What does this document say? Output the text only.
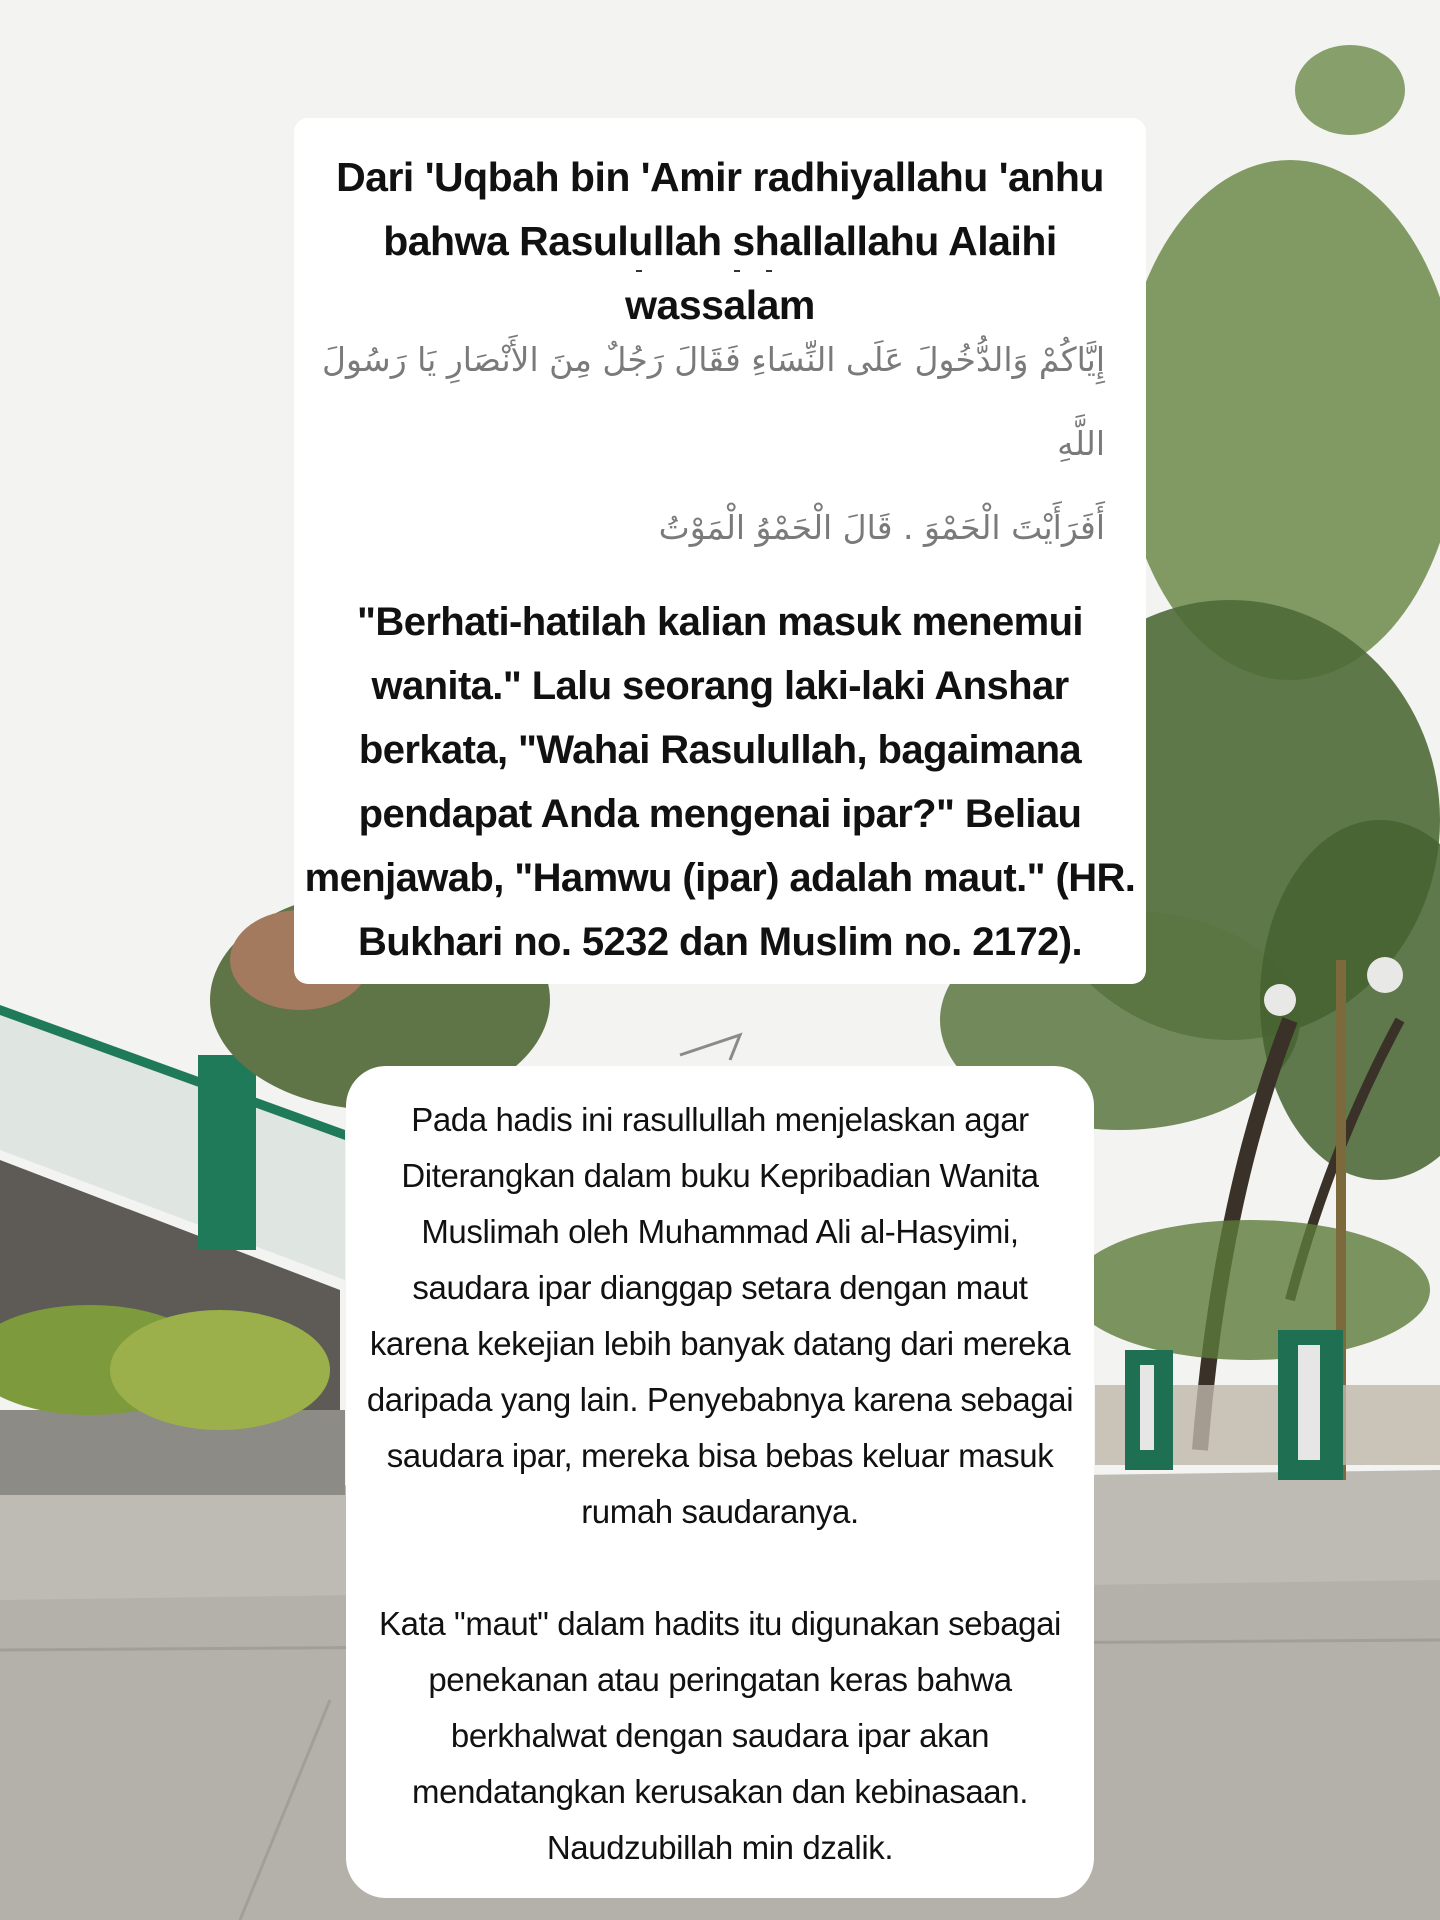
Dari 'Uqbah bin 'Amir radhiyallahu 'anhu
bahwa Rasulullah shallallahu Alaihi wassalam

إِيَّاكُمْ وَالدُّخُولَ عَلَى النِّسَاءِ فَقَالَ رَجُلٌ مِنَ الأَنْصَارِ يَا رَسُولَ اللَّهِ

أَفَرَأَيْتَ الْحَمْوَ . قَالَ الْحَمْوُ الْمَوْتُ

"Berhati-hatilah kalian masuk menemui wanita." Lalu seorang laki-laki Anshar berkata, "Wahai Rasulullah, bagaimana pendapat Anda mengenai ipar?" Beliau menjawab, "Hamwu (ipar) adalah maut." (HR. Bukhari no. 5232 dan Muslim no. 2172).

Pada hadis ini rasullullah menjelaskan agar Diterangkan dalam buku Kepribadian Wanita Muslimah oleh Muhammad Ali al-Hasyimi, saudara ipar dianggap setara dengan maut karena kekejian lebih banyak datang dari mereka daripada yang lain. Penyebabnya karena sebagai saudara ipar, mereka bisa bebas keluar masuk rumah saudaranya.

Kata "maut" dalam hadits itu digunakan sebagai penekanan atau peringatan keras bahwa berkhalwat dengan saudara ipar akan mendatangkan kerusakan dan kebinasaan. Naudzubillah min dzalik.
